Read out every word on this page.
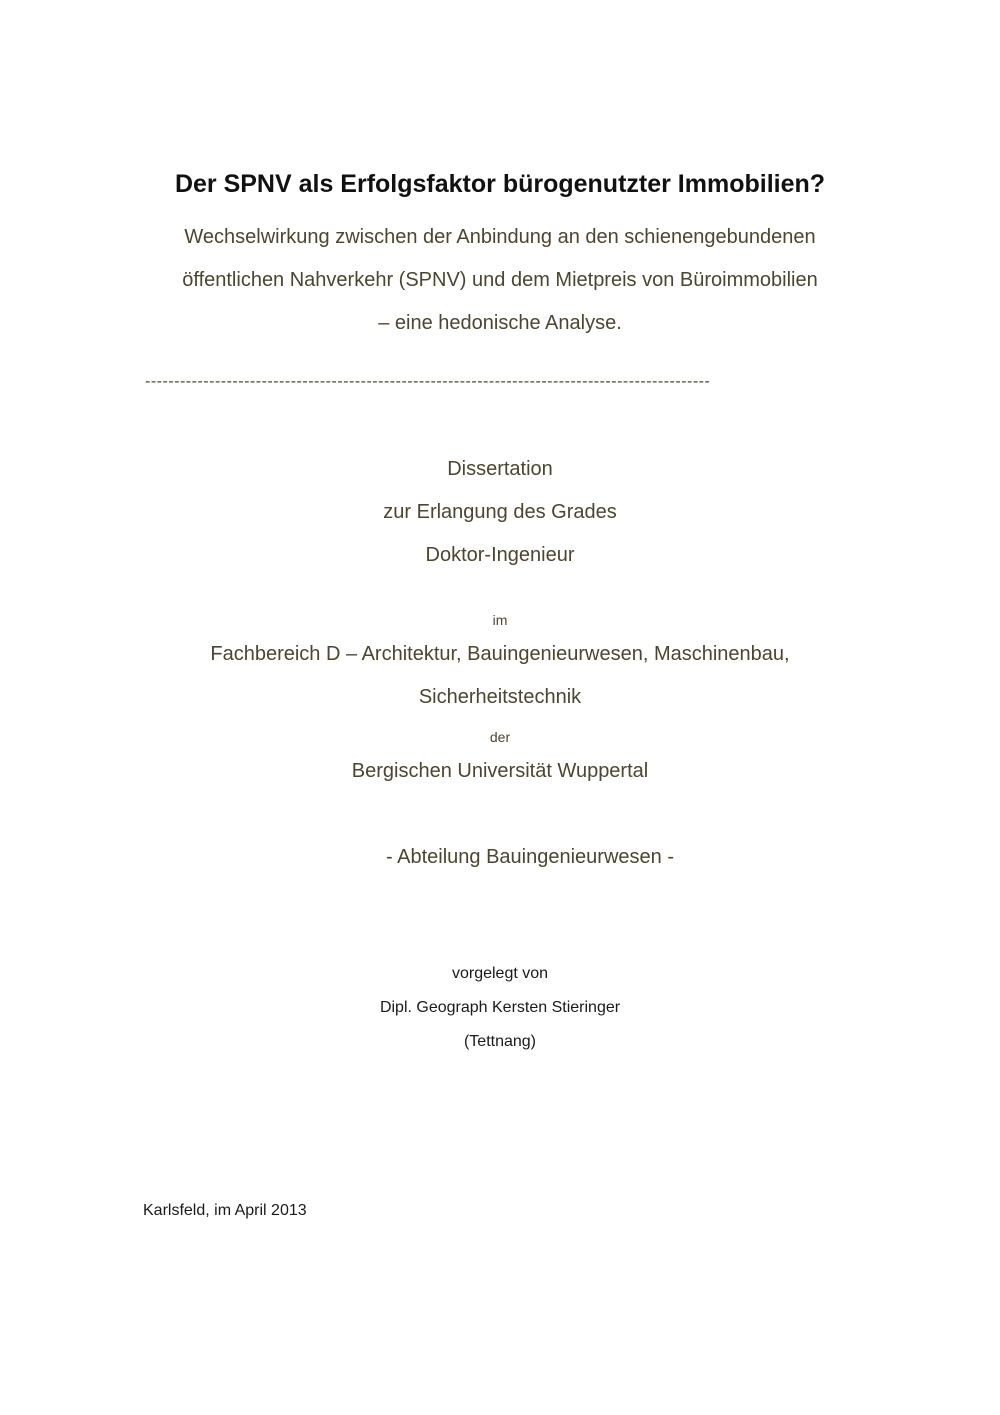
Der SPNV als Erfolgsfaktor bürogenutzter Immobilien?

Wechselwirkung zwischen der Anbindung an den schienengebundenen

öffentlichen Nahverkehr (SPNV) und dem Mietpreis von Büroimmobilien

– eine hedonische Analyse.

-------------------------------------------------------------------------------------------------

Dissertation

zur Erlangung des Grades

Doktor-Ingenieur

im

Fachbereich D – Architektur, Bauingenieurwesen, Maschinenbau,

Sicherheitstechnik

der

Bergischen Universität Wuppertal

- Abteilung Bauingenieurwesen -

vorgelegt von

Dipl. Geograph Kersten Stieringer

(Tettnang)

Karlsfeld, im April 2013
